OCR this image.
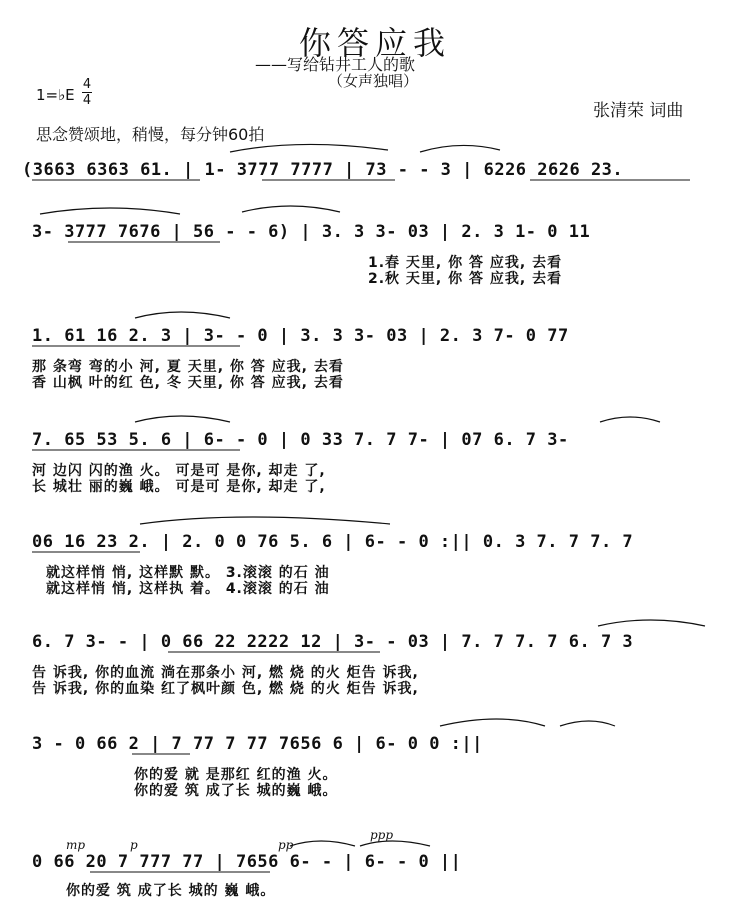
你答应我
——写给钻井工人的歌
（女声独唱）
1=♭E
4
4
张清荣 词曲
思念赞颂地，稍慢，每分钟60拍
(3663 6363 61. | 1- 3777 7777 | 73 - - 3 | 6226 2626 23.
3- 3777 7676 | 56 - - 6) | 3. 3 3- 03 | 2. 3 1- 0 11
1.春 天里, 你 答 应我, 去看
2.秋 天里, 你 答 应我, 去看
1. 61 16 2. 3 | 3- - 0 | 3. 3 3- 03 | 2. 3 7- 0 77
那 条弯 弯的小 河, 夏 天里, 你 答 应我, 去看
香 山枫 叶的红 色, 冬 天里, 你 答 应我, 去看
7. 65 53 5. 6 | 6- - 0 | 0 33 7. 7 7- | 07 6. 7 3-
河 边闪 闪的渔 火。 可是可 是你, 却走 了,
长 城壮 丽的巍 峨。 可是可 是你, 却走 了,
06 16 23 2. | 2. 0 0 76 5. 6 | 6- - 0 :|| 0. 3 7. 7 7. 7
就这样悄 悄, 这样默 默。 3.滚滚 的石 油
就这样悄 悄, 这样执 着。 4.滚滚 的石 油
6. 7 3- - | 0 66 22 2222 12 | 3- - 03 | 7. 7 7. 7 6. 7 3
告 诉我, 你的血流 淌在那条小 河, 燃 烧 的火 炬告 诉我,
告 诉我, 你的血染 红了枫叶颜 色, 燃 烧 的火 炬告 诉我,
3 - 0 66 2 | 7 77 7 77 7656 6 | 6- 0 0 :||
你的爱 就 是那红 红的渔 火。
你的爱 筑 成了长 城的巍 峨。
mp	p	pp
ppp
0 66 20 7 777 77 | 7656 6- - | 6- - 0 ||
你的爱 筑 成了长 城的 巍 峨。
